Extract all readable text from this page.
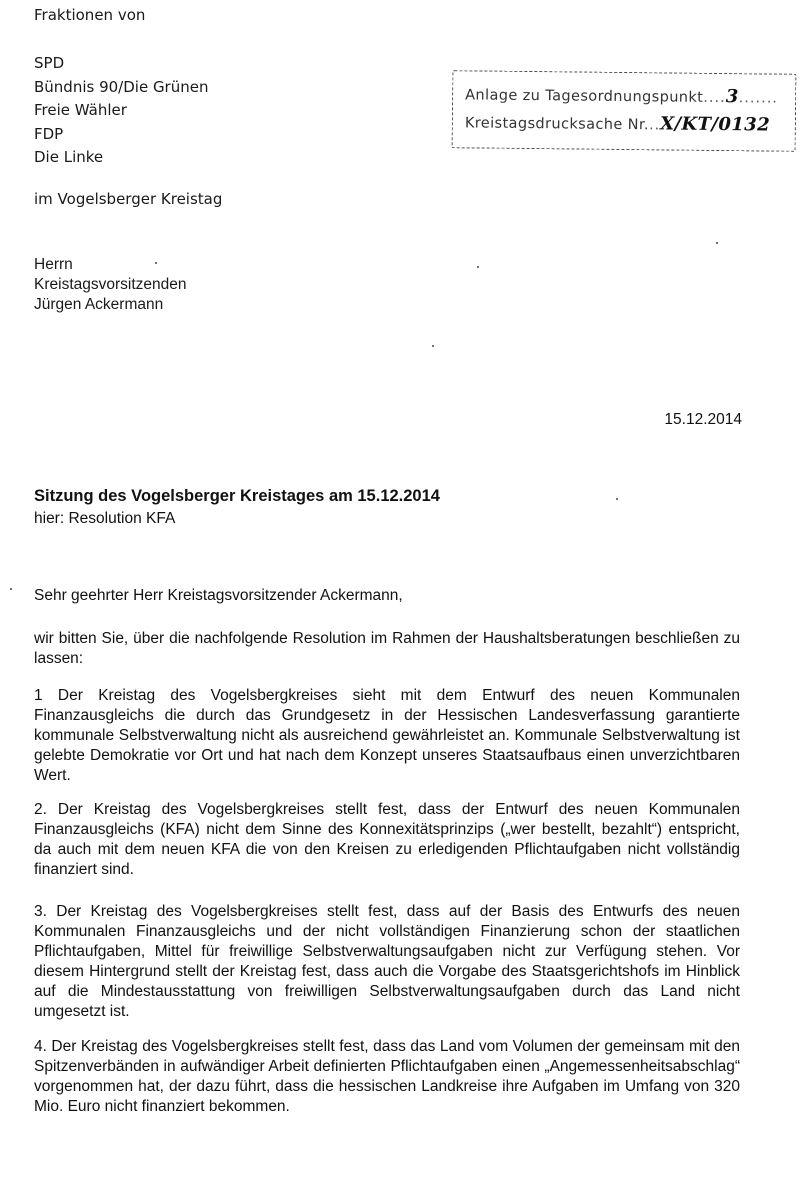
Fraktionen von
SPD
Bündnis 90/Die Grünen
Freie Wähler
FDP
Die Linke
im Vogelsberger Kreistag
Anlage zu Tagesordnungspunkt....3.......
Kreistagsdrucksache Nr...X/KT/0132
Herrn
Kreistagsvorsitzenden
Jürgen Ackermann
15.12.2014
Sitzung des Vogelsberger Kreistages am 15.12.2014
hier: Resolution KFA
Sehr geehrter Herr Kreistagsvorsitzender Ackermann,
wir bitten Sie, über die nachfolgende Resolution im Rahmen der Haushaltsberatungen beschließen zu lassen:
1 Der Kreistag des Vogelsbergkreises sieht mit dem Entwurf des neuen Kommunalen Finanzausgleichs die durch das Grundgesetz in der Hessischen Landesverfassung garantierte kommunale Selbstverwaltung nicht als ausreichend gewährleistet an. Kommunale Selbstverwaltung ist gelebte Demokratie vor Ort und hat nach dem Konzept unseres Staatsaufbaus einen unverzichtbaren Wert.
2. Der Kreistag des Vogelsbergkreises stellt fest, dass der Entwurf des neuen Kommunalen Finanzausgleichs (KFA) nicht dem Sinne des Konnexitätsprinzips („wer bestellt, bezahlt“) entspricht, da auch mit dem neuen KFA die von den Kreisen zu erledigenden Pflichtaufgaben nicht vollständig finanziert sind.
3. Der Kreistag des Vogelsbergkreises stellt fest, dass auf der Basis des Entwurfs des neuen Kommunalen Finanzausgleichs und der nicht vollständigen Finanzierung schon der staatlichen Pflichtaufgaben, Mittel für freiwillige Selbstverwaltungsaufgaben nicht zur Verfügung stehen. Vor diesem Hintergrund stellt der Kreistag fest, dass auch die Vorgabe des Staatsgerichtshofs im Hinblick auf die Mindestausstattung von freiwilligen Selbstverwaltungsaufgaben durch das Land nicht umgesetzt ist.
4. Der Kreistag des Vogelsbergkreises stellt fest, dass das Land vom Volumen der gemeinsam mit den Spitzenverbänden in aufwändiger Arbeit definierten Pflichtaufgaben einen „Angemessenheitsabschlag“ vorgenommen hat, der dazu führt, dass die hessischen Landkreise ihre Aufgaben im Umfang von 320 Mio. Euro nicht finanziert bekommen.
